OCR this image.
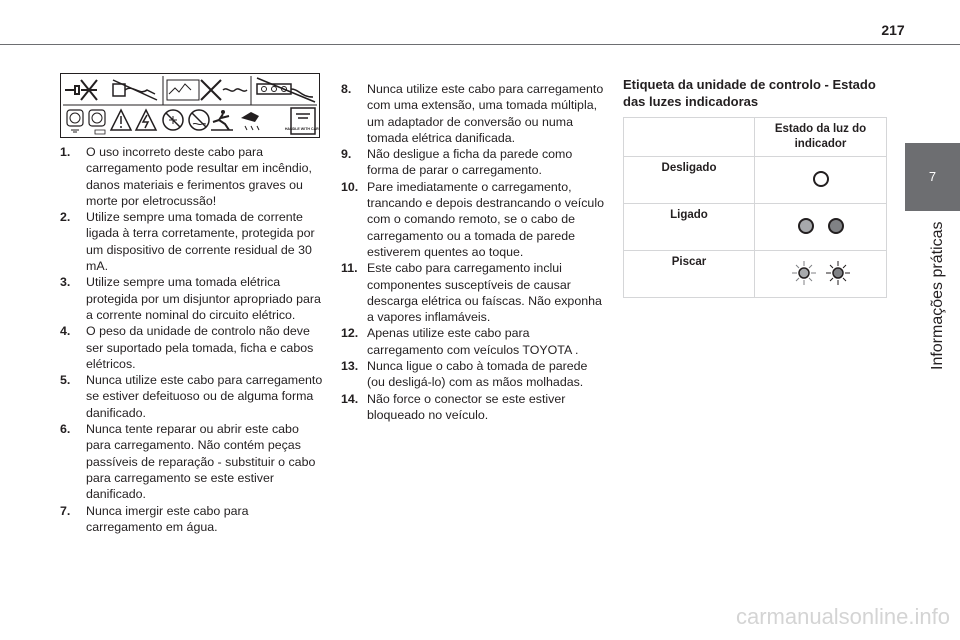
217
7
Informações práticas
HANDLE WITH CARE
1. O uso incorreto deste cabo para carregamento pode resultar em incêndio, danos materiais e ferimentos graves ou morte por eletrocussão!
2. Utilize sempre uma tomada de corrente ligada à terra corretamente, protegida por um dispositivo de corrente residual de 30 mA.
3. Utilize sempre uma tomada elétrica protegida por um disjuntor apropriado para a corrente nominal do circuito elétrico.
4. O peso da unidade de controlo não deve ser suportado pela tomada, ficha e cabos elétricos.
5. Nunca utilize este cabo para carregamento se estiver defeituoso ou de alguma forma danificado.
6. Nunca tente reparar ou abrir este cabo para carregamento. Não contém peças passíveis de reparação - substituir o cabo para carregamento se este estiver danificado.
7. Nunca imergir este cabo para carregamento em água.
8. Nunca utilize este cabo para carregamento com uma extensão, uma tomada múltipla, um adaptador de conversão ou numa tomada elétrica danificada.
9. Não desligue a ficha da parede como forma de parar o carregamento.
10. Pare imediatamente o carregamento, trancando e depois destrancando o veículo com o comando remoto, se o cabo de carregamento ou a tomada de parede estiverem quentes ao toque.
11. Este cabo para carregamento inclui componentes susceptíveis de causar descarga elétrica ou faíscas. Não exponha a vapores inflamáveis.
12. Apenas utilize este cabo para carregamento com veículos TOYOTA .
13. Nunca ligue o cabo à tomada de parede (ou desligá-lo) com as mãos molhadas.
14. Não force o conector se este estiver bloqueado no veículo.
Etiqueta da unidade de controlo - Estado das luzes indicadoras
	Estado da luz do indicador
Desligado	
Ligado	
Piscar	
carmanualsonline.info
